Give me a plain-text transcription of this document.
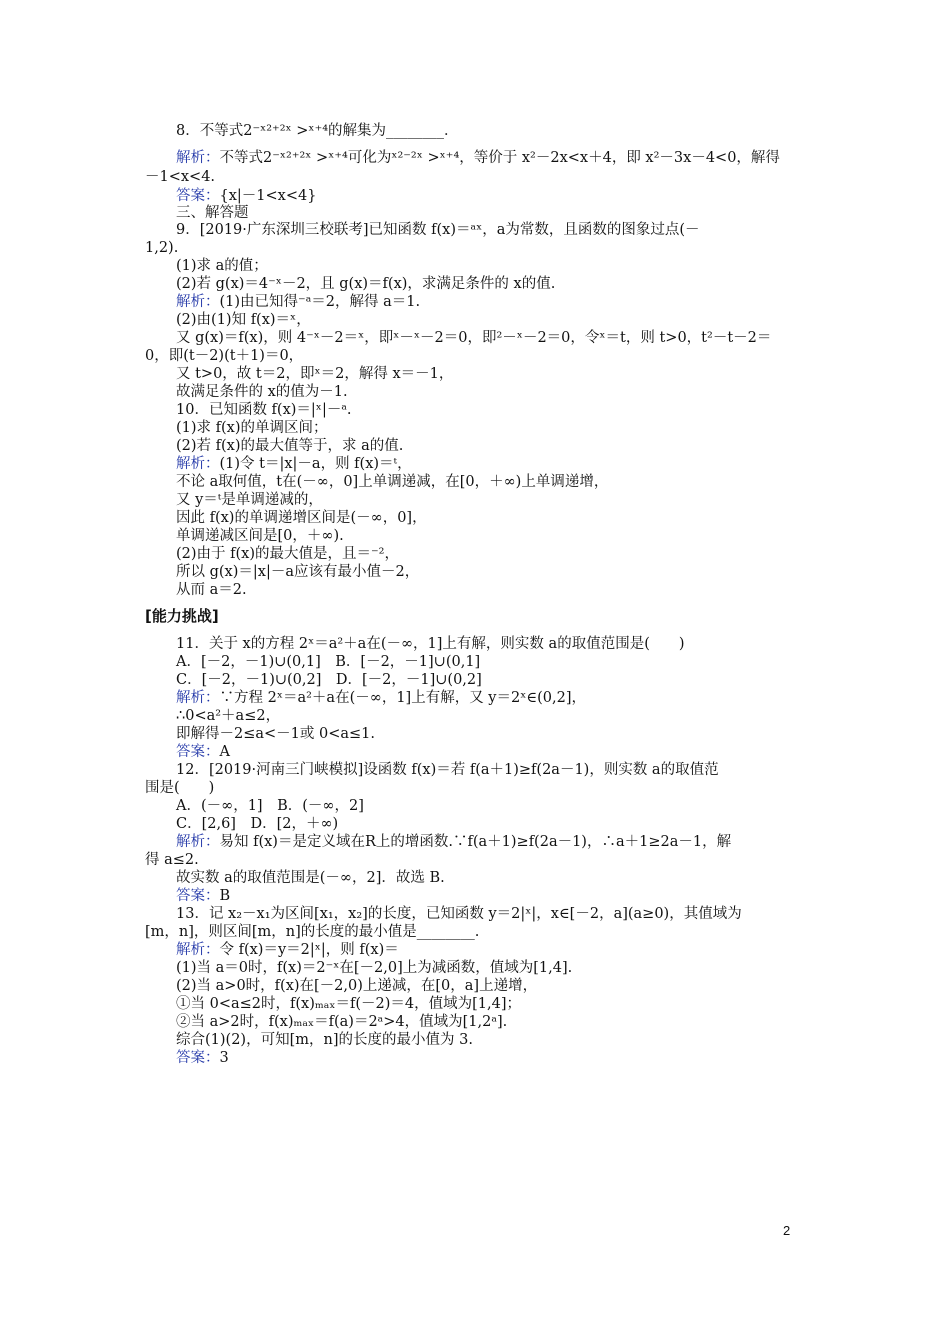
[能力挑战]
2
8．不等式2⁻ˣ²⁺²ˣ >ˣ⁺⁴的解集为________．
解析：不等式2⁻ˣ²⁺²ˣ >ˣ⁺⁴可化为ˣ²⁻²ˣ >ˣ⁺⁴，等价于 x²－2x<x＋4，即 x²－3x－4<0，解得
－1<x<4.
答案：{x|－1<x<4}
三、解答题
9．[2019·广东深圳三校联考]已知函数 f(x)＝ᵃˣ，a为常数，且函数的图象过点(－
1,2).
(1)求 a的值；
(2)若 g(x)＝4⁻ˣ－2，且 g(x)＝f(x)，求满足条件的 x的值.
解析：(1)由已知得⁻ᵃ＝2，解得 a＝1.
(2)由(1)知 f(x)＝ˣ，
又 g(x)＝f(x)，则 4⁻ˣ－2＝ˣ，即ˣ－ˣ－2＝0，即²－ˣ－2＝0，令ˣ＝t，则 t>0，t²－t－2＝
0，即(t－2)(t＋1)＝0，
又 t>0，故 t＝2，即ˣ＝2，解得 x＝－1，
故满足条件的 x的值为－1.
10．已知函数 f(x)＝|ˣ|－ᵃ.
(1)求 f(x)的单调区间；
(2)若 f(x)的最大值等于，求 a的值.
解析：(1)令 t＝|x|－a，则 f(x)＝ᵗ，
不论 a取何值，t在(－∞，0]上单调递减，在[0，＋∞)上单调递增，
又 y＝ᵗ是单调递减的，
因此 f(x)的单调递增区间是(－∞，0]，
单调递减区间是[0，＋∞).
(2)由于 f(x)的最大值是，且＝⁻²，
所以 g(x)＝|x|－a应该有最小值－2，
从而 a＝2.
11．关于 x的方程 2ˣ＝a²＋a在(－∞，1]上有解，则实数 a的取值范围是(　　)
A．[－2，－1)∪(0,1]　B．[－2，－1]∪(0,1]
C．[－2，－1)∪(0,2]　D．[－2，－1]∪(0,2]
解析：∵方程 2ˣ＝a²＋a在(－∞，1]上有解，又 y＝2ˣ∈(0,2]，
∴0<a²＋a≤2，
即解得－2≤a<－1或 0<a≤1.
答案：A
12．[2019·河南三门峡模拟]设函数 f(x)＝若 f(a＋1)≥f(2a－1)，则实数 a的取值范
围是(　　)
A．(－∞，1]　B．(－∞，2]
C．[2,6]　D．[2，＋∞)
解析：易知 f(x)＝是定义域在R上的增函数.∵f(a＋1)≥f(2a－1)，∴a＋1≥2a－1，解
得 a≤2.
故实数 a的取值范围是(－∞，2]．故选 B.
答案：B
13．记 x₂－x₁为区间[x₁，x₂]的长度，已知函数 y＝2|ˣ|，x∈[－2，a](a≥0)，其值域为
[m，n]，则区间[m，n]的长度的最小值是________.
解析：令 f(x)＝y＝2|ˣ|，则 f(x)＝
(1)当 a＝0时，f(x)＝2⁻ˣ在[－2,0]上为减函数，值域为[1,4].
(2)当 a>0时，f(x)在[－2,0)上递减，在[0，a]上递增，
①当 0<a≤2时，f(x)ₘₐₓ＝f(－2)＝4，值域为[1,4]；
②当 a>2时，f(x)ₘₐₓ＝f(a)＝2ᵃ>4，值域为[1,2ᵃ].
综合(1)(2)，可知[m，n]的长度的最小值为 3.
答案：3
